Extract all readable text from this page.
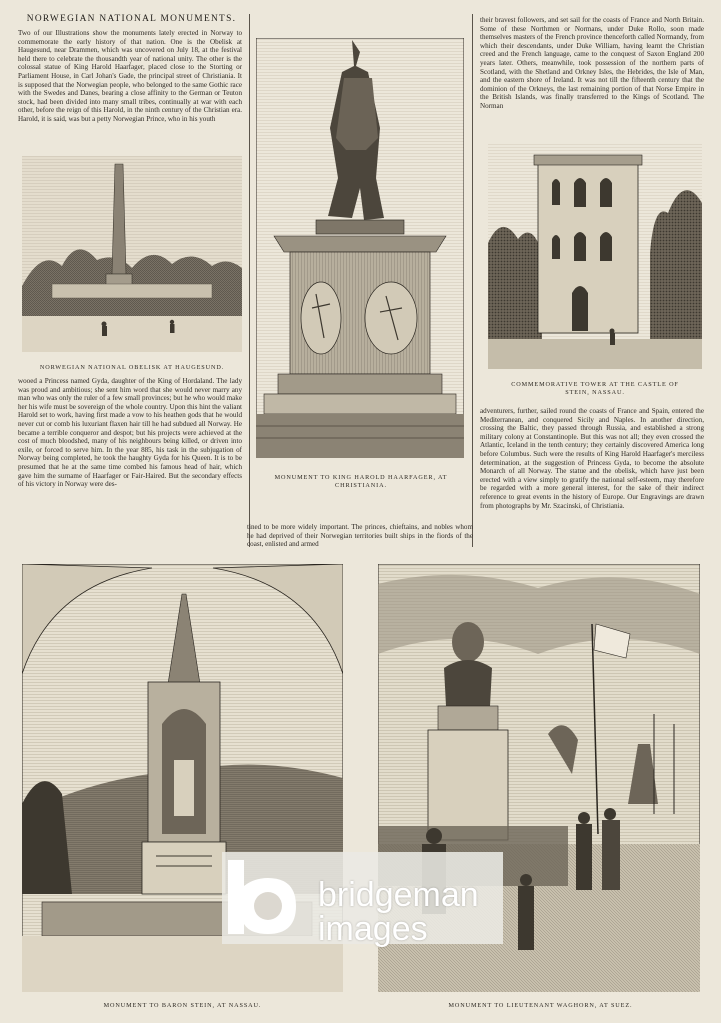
NORWEGIAN NATIONAL MONUMENTS.
Two of our Illustrations show the monuments lately erected in Norway to commemorate the early history of that nation. One is the Obelisk at Haugesund, near Drammen, which was uncovered on July 18, at the festival held there to celebrate the thousandth year of national unity. The other is the colossal statue of King Harold Haarfager, placed close to the Storting or Parliament House, in Carl Johan's Gade, the principal street of Christiania. It is supposed that the Norwegian people, who belonged to the same Gothic race with the Swedes and Danes, bearing a close affinity to the German or Teuton stock, had been divided into many small tribes, continually at war with each other, before the reign of this Harold, in the ninth century of the Christian era. Harold, it is said, was but a petty Norwegian Prince, who in his youth
NORWEGIAN NATIONAL OBELISK AT HAUGESUND.
wooed a Princess named Gyda, daughter of the King of Hordaland. The lady was proud and ambitious; she sent him word that she would never marry any man who was only the ruler of a few small provinces; but he who would make her his wife must be sovereign of the whole country. Upon this hint the valiant Harold set to work, having first made a vow to his heathen gods that he would never cut or comb his luxuriant flaxen hair till he had subdued all Norway. He became a terrible conqueror and despot; but his projects were achieved at the cost of much bloodshed, many of his neighbours being killed, or driven into exile, or forced to serve him. In the year 885, his task in the subjugation of Norway being completed, he took the haughty Gyda for his Queen. It is to be presumed that he at the same time combed his famous head of hair, which gave him the surname of Haarfager or Fair-Haired. But the secondary effects of his victory in Norway were des-
MONUMENT TO KING HAROLD HAARFAGER, AT CHRISTIANIA.
tined to be more widely important. The princes, chieftains, and nobles whom he had deprived of their Norwegian territories built ships in the fiords of the coast, enlisted and armed
their bravest followers, and set sail for the coasts of France and North Britain. Some of these Northmen or Normans, under Duke Rollo, soon made themselves masters of the French province thenceforth called Normandy, from which their descendants, under Duke William, having learnt the Christian creed and the French language, came to the conquest of Saxon England 200 years later. Others, meanwhile, took possession of the northern parts of Scotland, with the Shetland and Orkney Isles, the Hebrides, the Isle of Man, and the eastern shore of Ireland. It was not till the fifteenth century that the dominion of the Orkneys, the last remaining portion of that Norse Empire in the British Islands, was finally transferred to the Kings of Scotland. The Norman
COMMEMORATIVE TOWER AT THE CASTLE OF STEIN, NASSAU.
adventurers, further, sailed round the coasts of France and Spain, entered the Mediterranean, and conquered Sicily and Naples. In another direction, crossing the Baltic, they passed through Russia, and established a strong military colony at Constantinople. But this was not all; they even crossed the Atlantic, Iceland in the tenth century; they certainly discovered America long before Columbus. Such were the results of King Harold Haarfager's merciless determination, at the suggestion of Princess Gyda, to become the absolute Monarch of all Norway. The statue and the obelisk, which have just been erected with a view simply to gratify the national self-esteem, may therefore be regarded with a more general interest, for the sake of their indirect reference to great events in the history of Europe. Our Engravings are drawn from photographs by Mr. Szacinski, of Christiania.
MONUMENT TO BARON STEIN, AT NASSAU.	MONUMENT TO LIEUTENANT WAGHORN, AT SUEZ.
bridgeman
images
